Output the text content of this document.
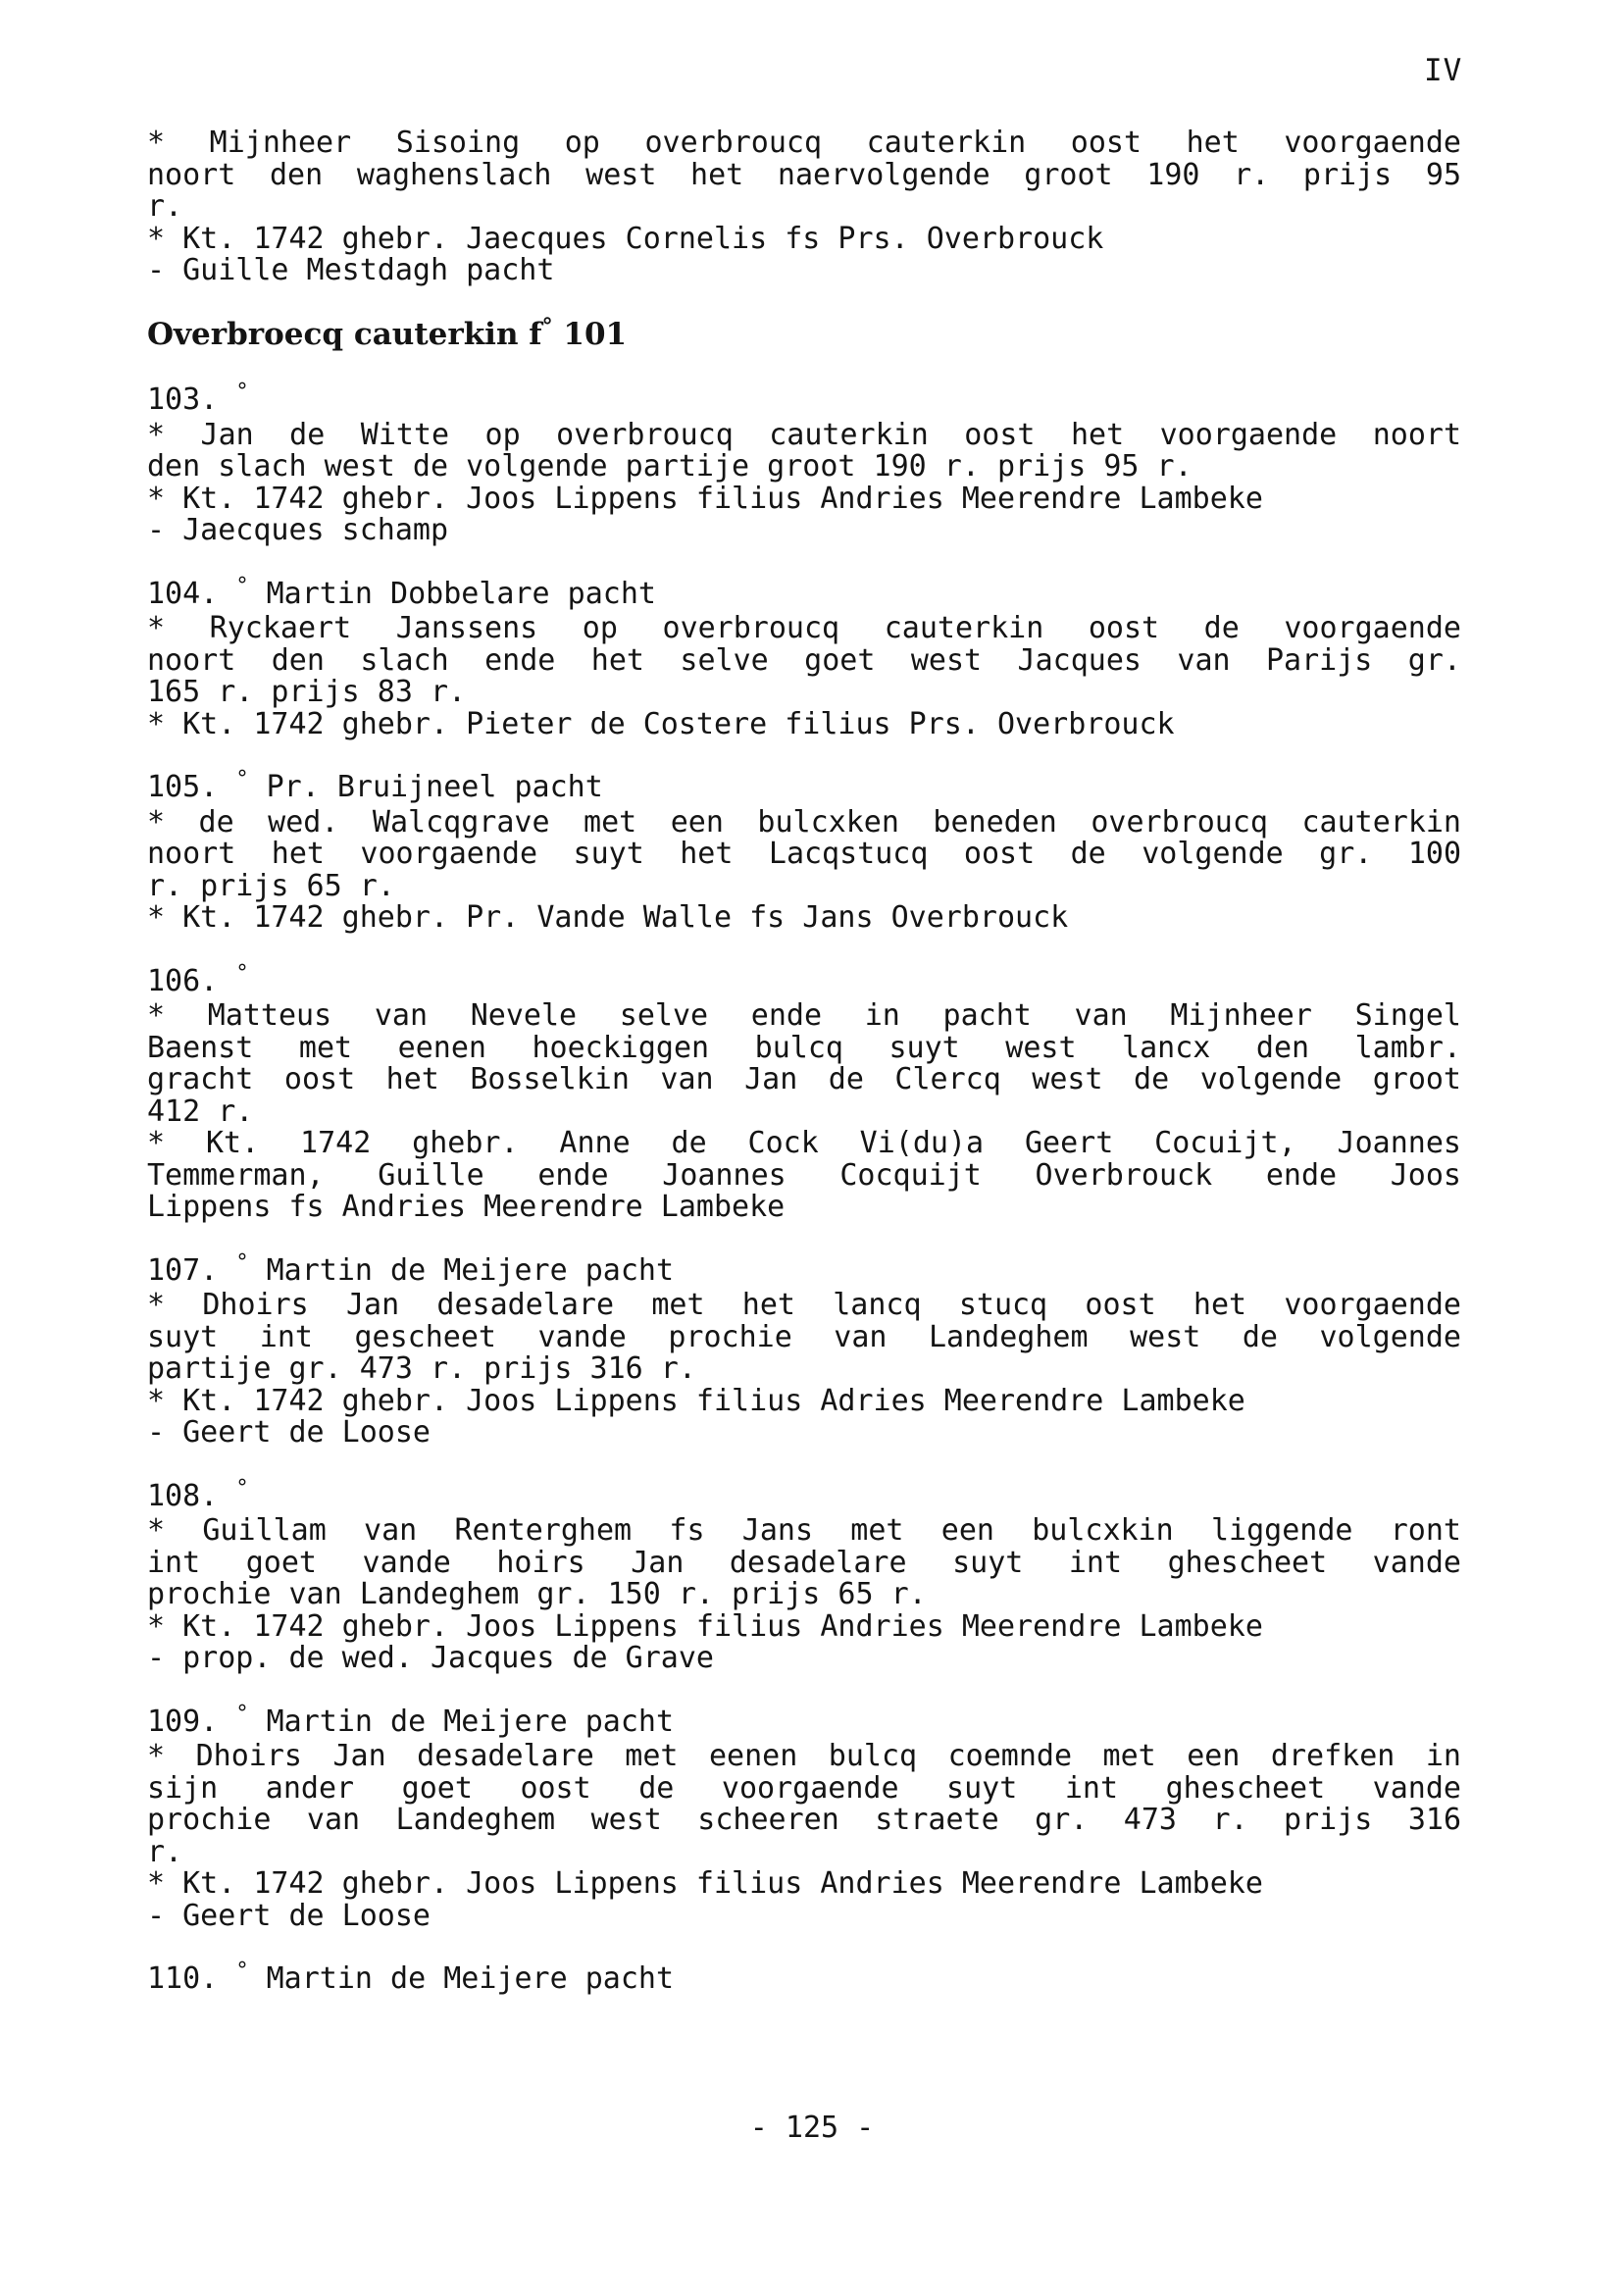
IV
* Mijnheer Sisoing op overbroucq cauterkin oost het voorgaende
noort den waghenslach west het naervolgende groot 190 r. prijs 95
r.
* Kt. 1742 ghebr. Jaecques Cornelis fs Prs. Overbrouck
- Guille Mestdagh pacht
Overbroecq cauterkin f° 101
103. °
* Jan de Witte op overbroucq cauterkin oost het voorgaende noort
den slach west de volgende partije groot 190 r. prijs 95 r.
* Kt. 1742 ghebr. Joos Lippens filius Andries Meerendre Lambeke
- Jaecques schamp
104. ° Martin Dobbelare pacht
* Ryckaert Janssens op overbroucq cauterkin oost de voorgaende
noort den slach ende het selve goet west Jacques van Parijs gr.
165 r. prijs 83 r.
* Kt. 1742 ghebr. Pieter de Costere filius Prs. Overbrouck
105. ° Pr. Bruijneel pacht
* de wed. Walcqgrave met een bulcxken beneden overbroucq cauterkin
noort het voorgaende suyt het Lacqstucq oost de volgende gr. 100
r. prijs 65 r.
* Kt. 1742 ghebr. Pr. Vande Walle fs Jans Overbrouck
106. °
* Matteus van Nevele selve ende in pacht van Mijnheer Singel
Baenst met eenen hoeckiggen bulcq suyt west lancx den lambr.
gracht oost het Bosselkin van Jan de Clercq west de volgende groot
412 r.
* Kt. 1742 ghebr. Anne de Cock Vi(du)a Geert Cocuijt, Joannes
Temmerman, Guille ende Joannes Cocquijt Overbrouck ende Joos
Lippens fs Andries Meerendre Lambeke
107. ° Martin de Meijere pacht
* Dhoirs Jan desadelare met het lancq stucq oost het voorgaende
suyt int gescheet vande prochie van Landeghem west de volgende
partije gr. 473 r. prijs 316 r.
* Kt. 1742 ghebr. Joos Lippens filius Adries Meerendre Lambeke
- Geert de Loose
108. °
* Guillam van Renterghem fs Jans met een bulcxkin liggende ront
int goet vande hoirs Jan desadelare suyt int ghescheet vande
prochie van Landeghem gr. 150 r. prijs 65 r.
* Kt. 1742 ghebr. Joos Lippens filius Andries Meerendre Lambeke
- prop. de wed. Jacques de Grave
109. ° Martin de Meijere pacht
* Dhoirs Jan desadelare met eenen bulcq coemnde met een drefken in
sijn ander goet oost de voorgaende suyt int ghescheet vande
prochie van Landeghem west scheeren straete gr. 473 r. prijs 316
r.
* Kt. 1742 ghebr. Joos Lippens filius Andries Meerendre Lambeke
- Geert de Loose
110. ° Martin de Meijere pacht
- 125 -
